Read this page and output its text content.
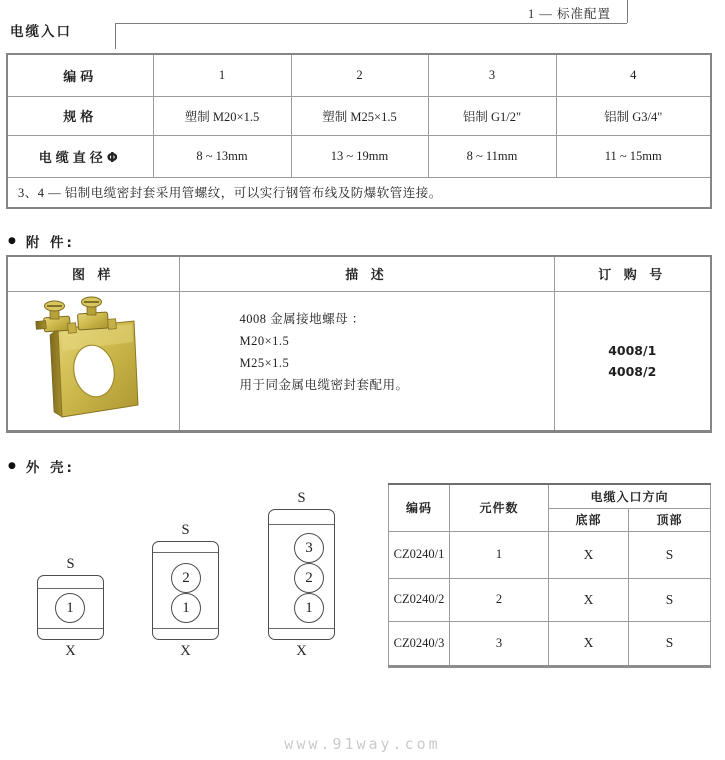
电缆入口
1 — 标准配置
编码	1	2	3	4
规格	塑制 M20×1.5	塑制 M25×1.5	铝制 G1/2"	铝制 G3/4"
电缆直径Φ	8 ~ 13mm	13 ~ 19mm	8 ~ 11mm	11 ~ 15mm
3、4 — 铝制电缆密封套采用管螺纹，可以实行钢管布线及防爆软管连接。				
● 附 件:
图 样	描 述	订 购 号

4008 金属接地螺母 ：
M20×1.5
M25×1.5
用于同金属电缆密封套配用。

4008/1
4008/2
● 外 壳:
S
1
X
S
2
1
X
S
3
2
1
X
编码	元件数	电缆入口方向	
		底部	顶部
CZ0240/1	1	X	S
CZ0240/2	2	X	S
CZ0240/3	3	X	S
www.91way.com
